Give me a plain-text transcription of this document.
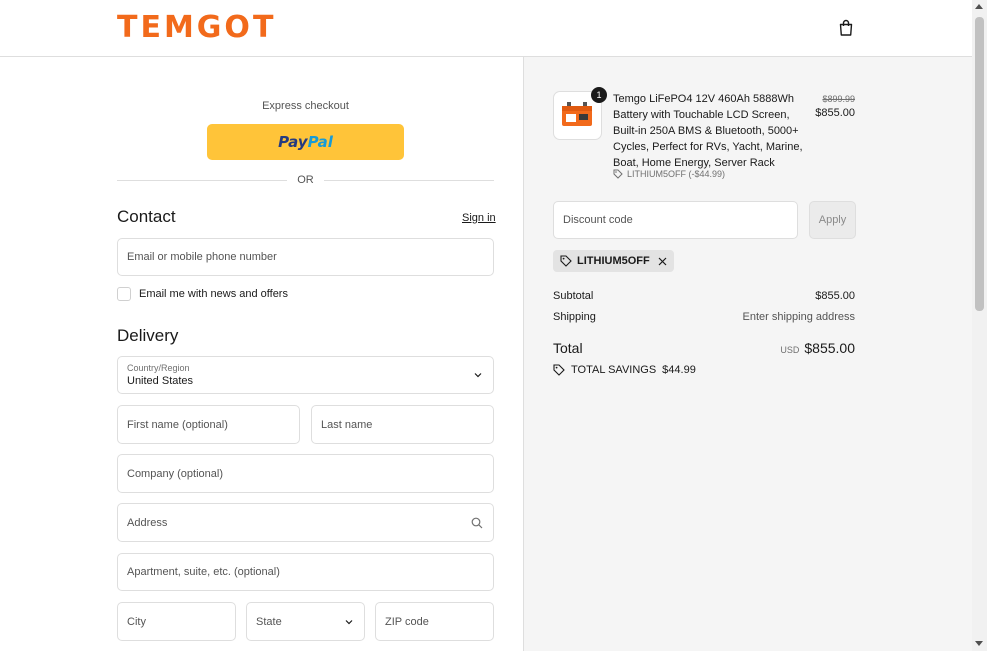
TEMGOT
Express checkout
Pay Pal
OR
Contact	Sign in
Email or mobile phone number
Email me with news and offers
Delivery
Country/Region
United States
First name (optional)	Last name
Company (optional)
Address
Apartment, suite, etc. (optional)
City	State	ZIP code
1	Temgo LiFePO4 12V 460Ah 5888Wh Battery with Touchable LCD Screen, Built-in 250A BMS & Bluetooth, 5000+ Cycles, Perfect for RVs, Yacht, Marine, Boat, Home Energy, Server Rack
LITHIUM5OFF (-$44.99)
$899.99
$855.00
Discount code	Apply
LITHIUM5OFF
Subtotal	$855.00
Shipping	Enter shipping address
Total	USD $855.00
TOTAL SAVINGS $44.99
